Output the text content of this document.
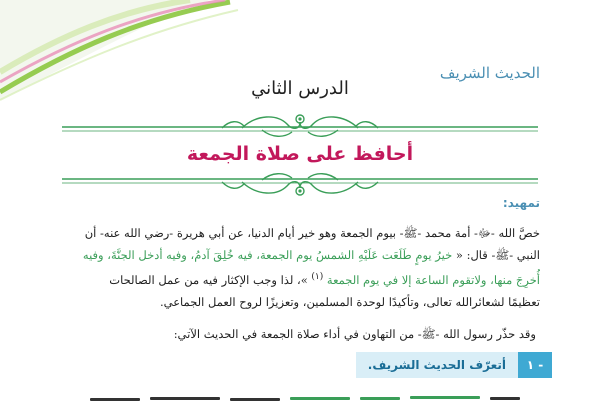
الحديث الشريف
الدرس الثاني
أحافظ على صلاة الجمعة
تمهيد:
خصَّ الله -ﷻ- أمة محمد -ﷺ- بيوم الجمعة وهو خير أيام الدنيا، عن أبي هريرة -رضي الله عنه- أن
النبي -ﷺ- قال: « خيرُ يومٍ طَلَعَت عَلَيْهِ الشمسُ يوم الجمعة، فيه خُلِقَ آدمُ، وفيه أدخل الجنَّةَ، وفيه
أُخرِجَ منها، ولاتقوم الساعة إلا في يوم الجمعة $^{(١)}$ »، لذا وجب الإكثار فيه من عمل الصالحات
تعظيمًا لشعائرالله تعالى، وتأكيدًا لوحدة المسلمين، وتعزيزًا لروح العمل الجماعي.
وقد حذّر رسول الله -ﷺ- من التهاون في أداء صلاة الجمعة في الحديث الآتي:
١ -
أتعرّف الحديث الشريف.
